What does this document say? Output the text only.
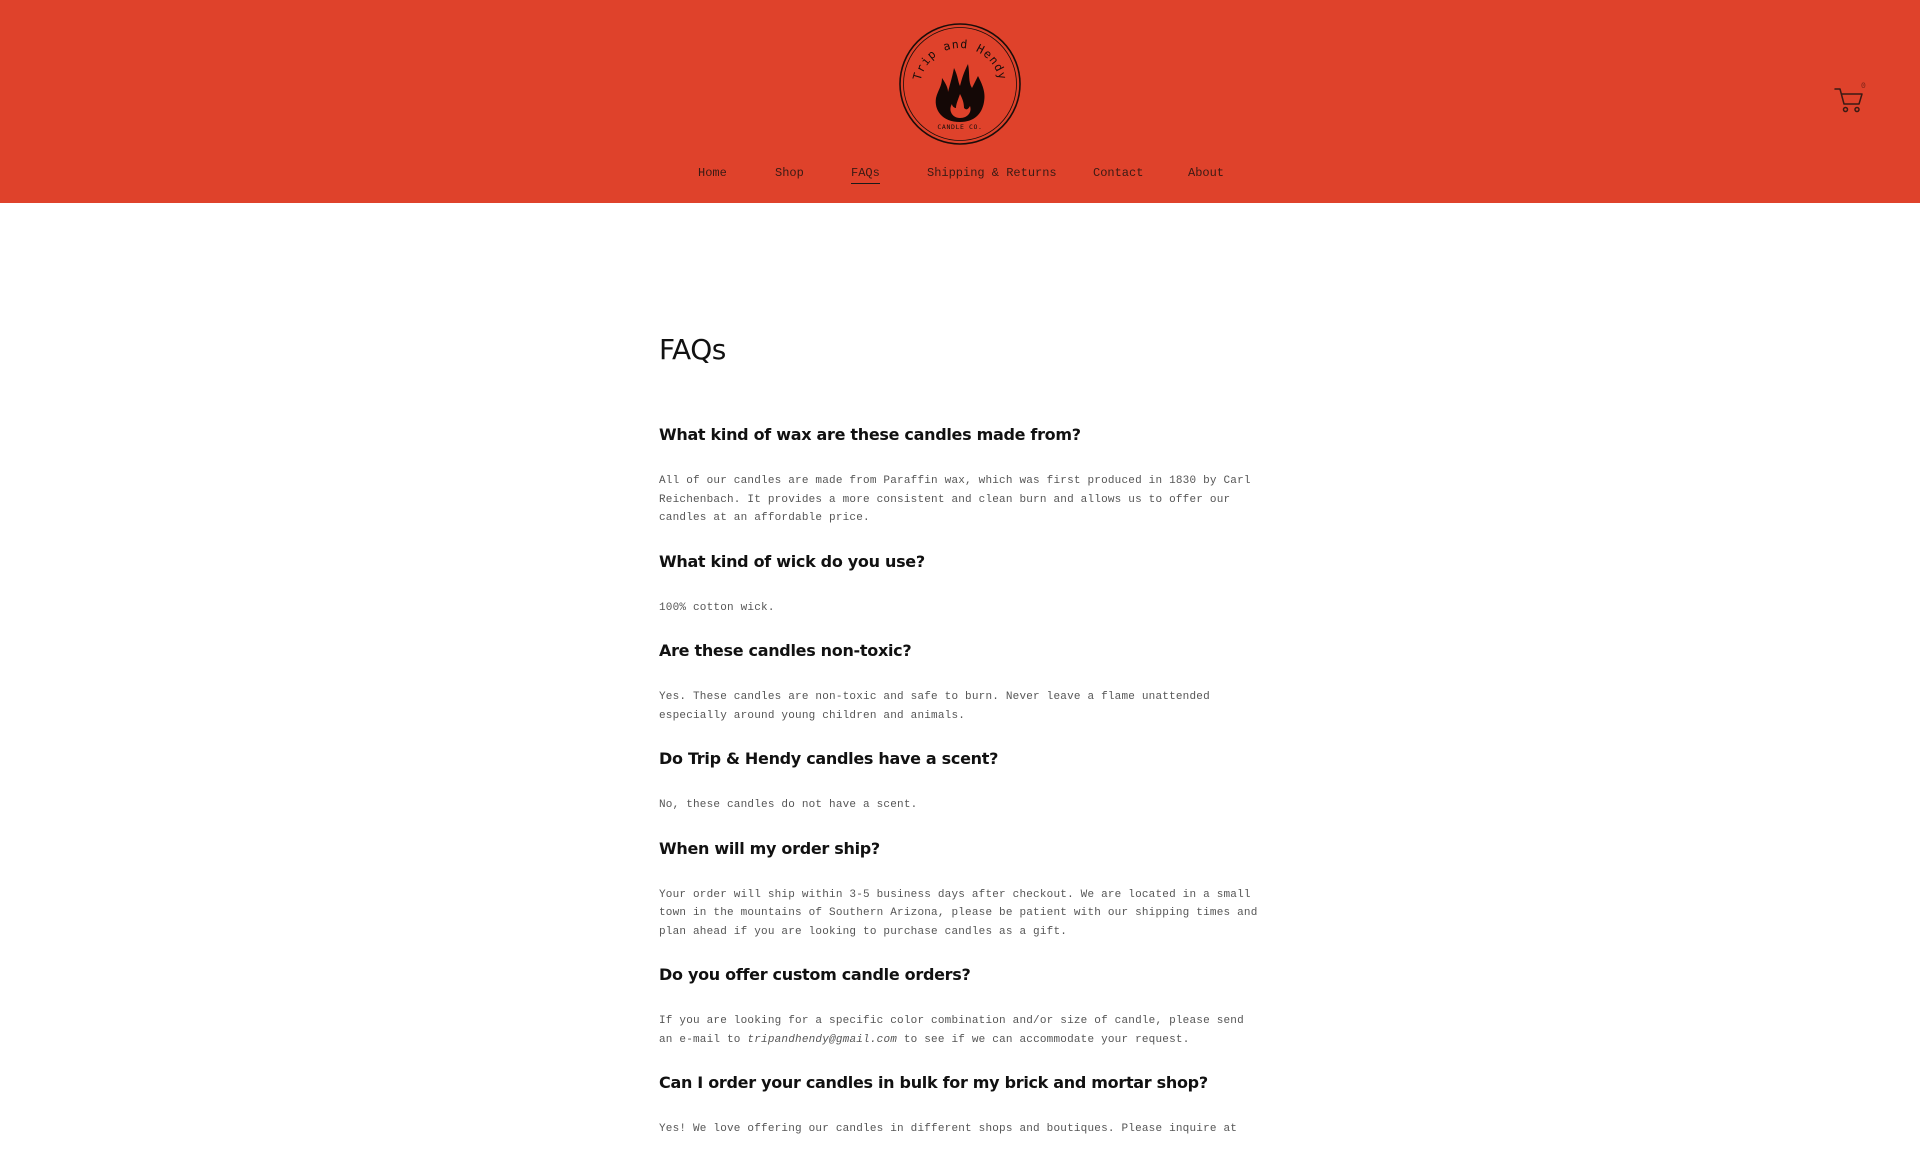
Trip and Hendy
CANDLE CO.
0
Home	Shop	FAQs	Shipping & Returns	Contact	About
FAQs
What kind of wax are these candles made from?

All of our candles are made from Paraffin wax, which was first produced in 1830 by Carl Reichenbach. It provides a more consistent and clean burn and allows us to offer our candles at an affordable price.

What kind of wick do you use?

100% cotton wick.

Are these candles non-toxic?

Yes. These candles are non-toxic and safe to burn. Never leave a flame unattended especially around young children and animals.

Do Trip & Hendy candles have a scent?

No, these candles do not have a scent.

When will my order ship?

Your order will ship within 3-5 business days after checkout. We are located in a small town in the mountains of Southern Arizona, please be patient with our shipping times and plan ahead if you are looking to purchase candles as a gift.

Do you offer custom candle orders?

If you are looking for a specific color combination and/or size of candle, please send an e-mail to tripandhendy@gmail.com to see if we can accommodate your request.

Can I order your candles in bulk for my brick and mortar shop?

Yes! We love offering our candles in different shops and boutiques. Please inquire at
